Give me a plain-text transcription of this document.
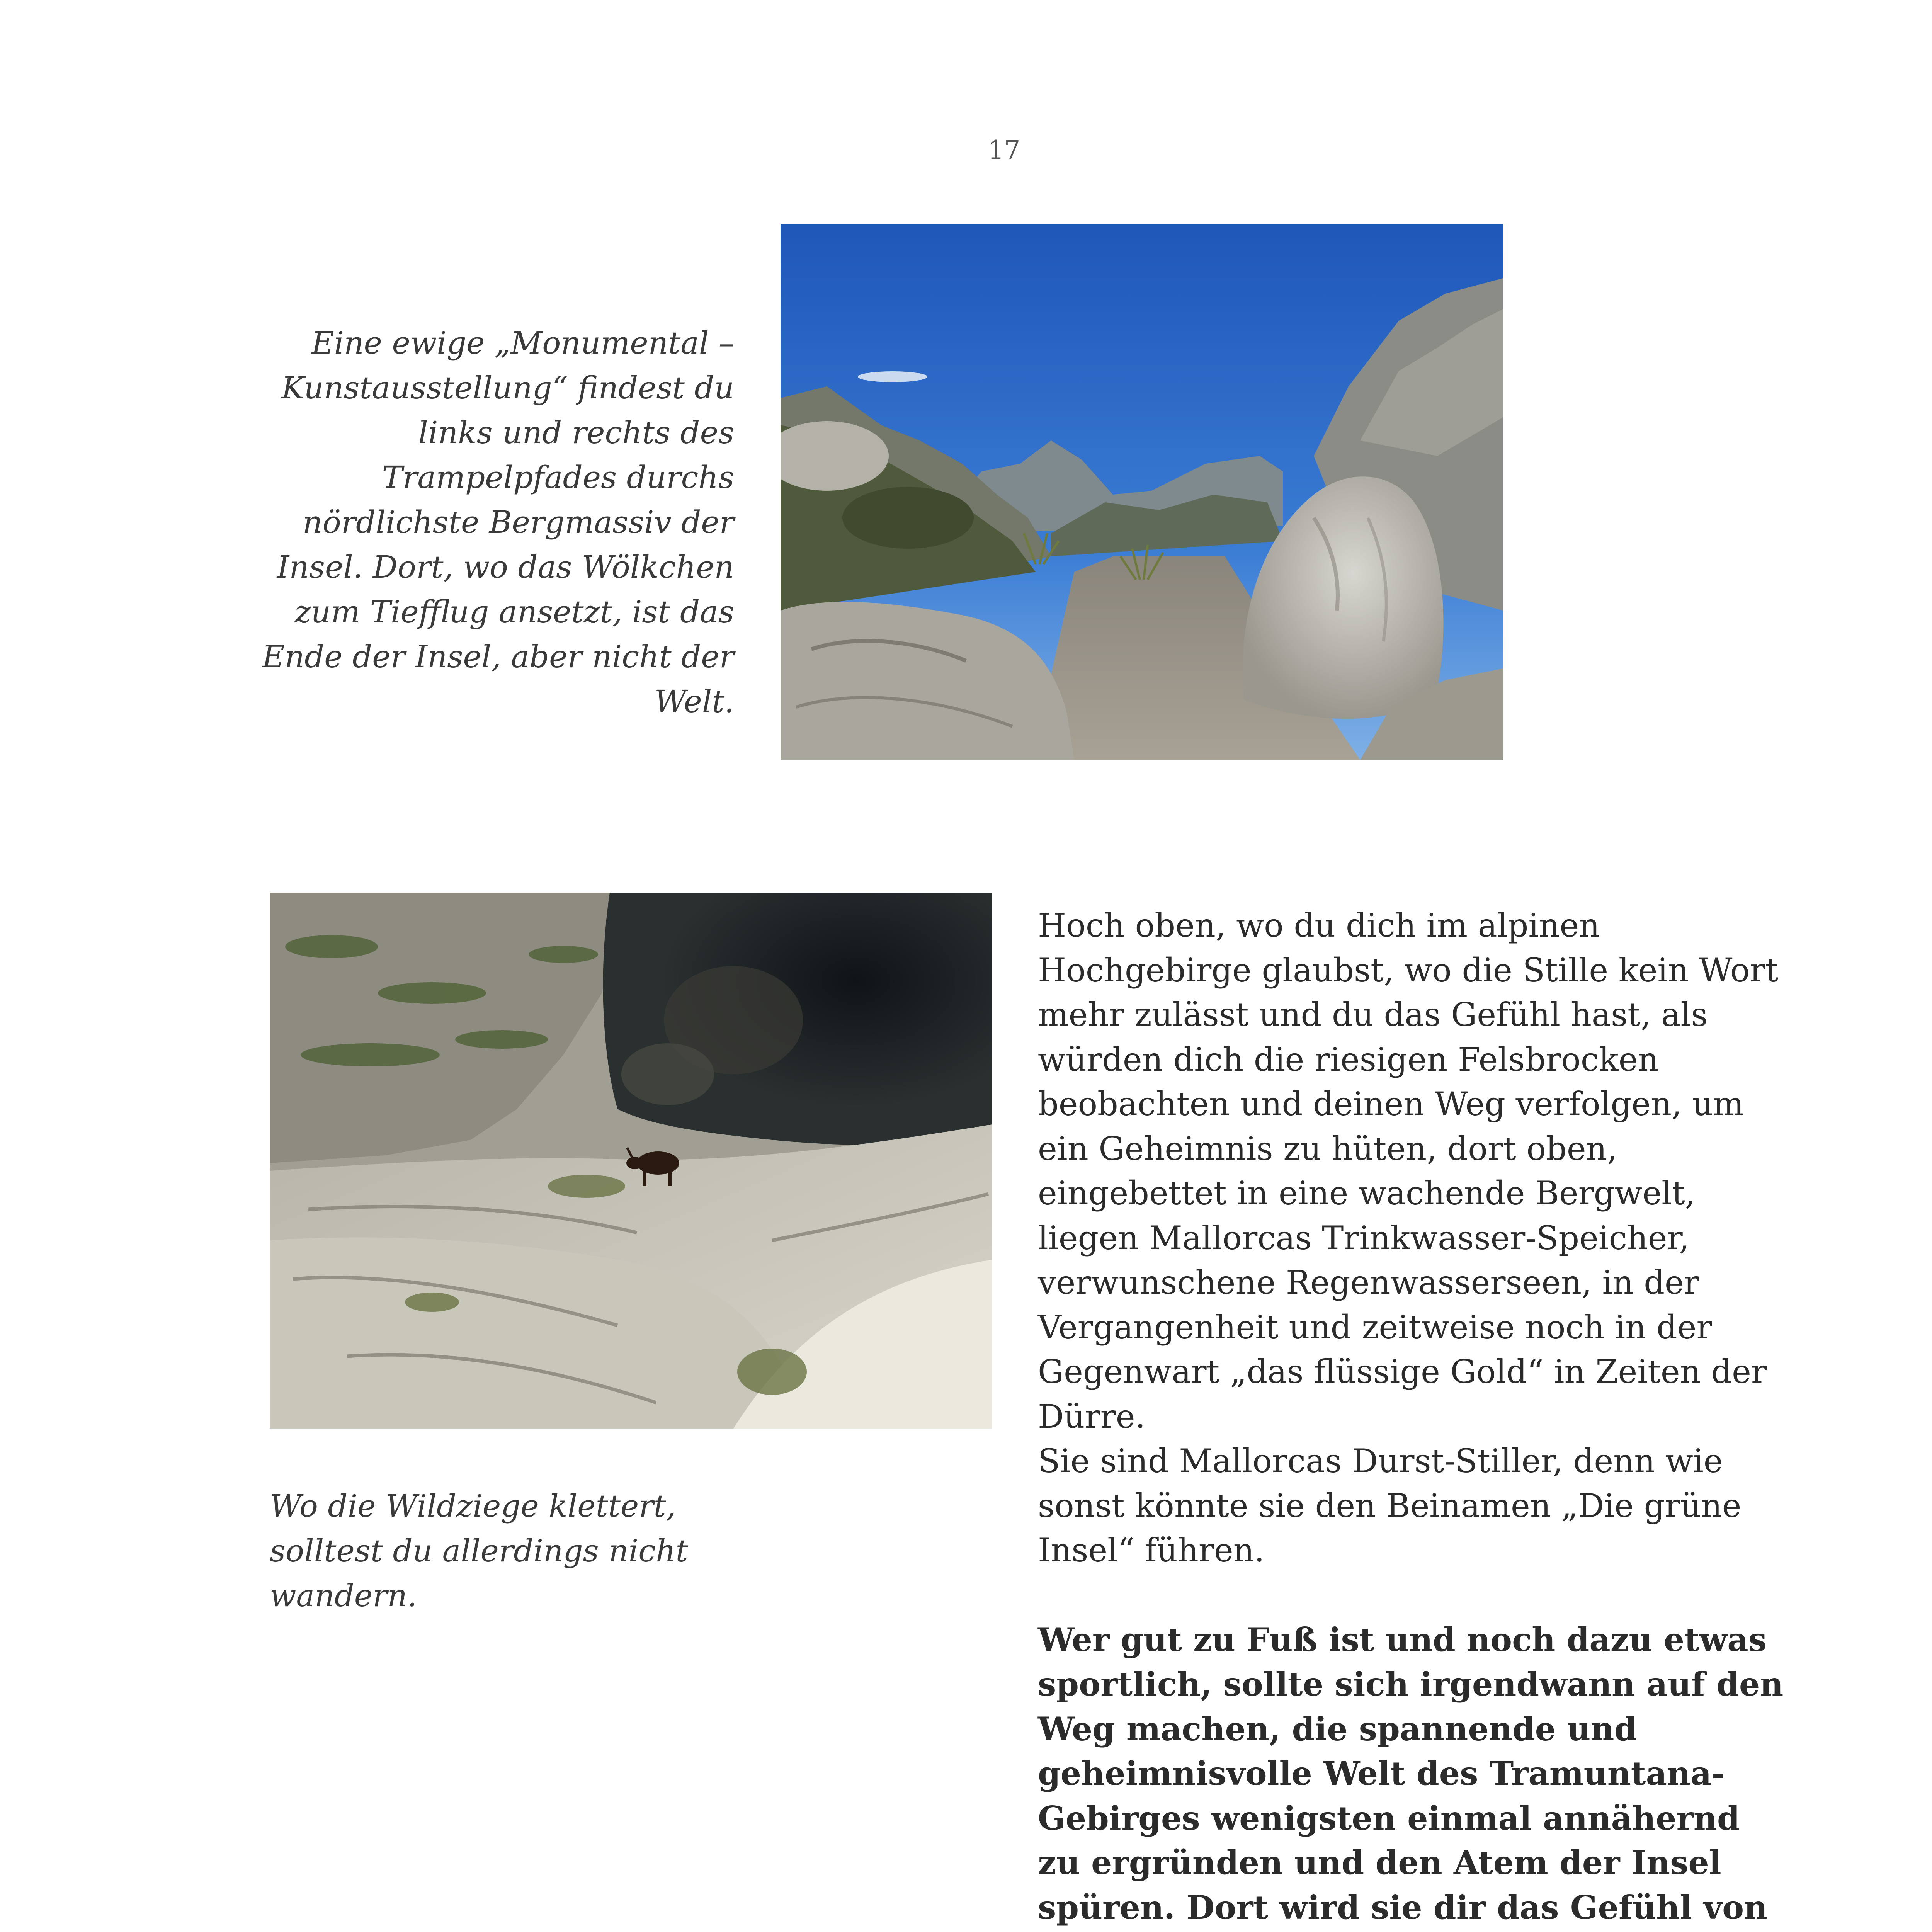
17
Eine ewige „Monumental – Kunstausstellung“ findest du links und rechts des Trampelpfades durchs nördlichste Bergmassiv der Insel. Dort, wo das Wölkchen zum Tiefflug ansetzt, ist das Ende der Insel, aber nicht der Welt.
Wo die Wildziege klettert, solltest du allerdings nicht wandern.

Hoch oben, wo du dich im alpinen Hochgebirge glaubst, wo die Stille kein Wort mehr zulässt und du das Gefühl hast, als würden dich die riesigen Felsbrocken beobachten und deinen Weg verfolgen, um ein Geheimnis zu hüten, dort oben, eingebettet in eine wachende Bergwelt, liegen Mallorcas Trinkwasser-Speicher, verwunschene Regenwasserseen, in der Vergangenheit und zeitweise noch in der Gegenwart „das flüssige Gold“ in Zeiten der Dürre.

Sie sind Mallorcas Durst-Stiller, denn wie sonst könnte sie den Beinamen „Die grüne Insel“ führen.

Wer gut zu Fuß ist und noch dazu etwas sportlich, sollte sich irgendwann auf den Weg machen, die spannende und geheimnisvolle Welt des Tramuntana-Gebirges wenigsten einmal annähernd zu ergründen und den Atem der Insel spüren. Dort wird sie dir das Gefühl von
